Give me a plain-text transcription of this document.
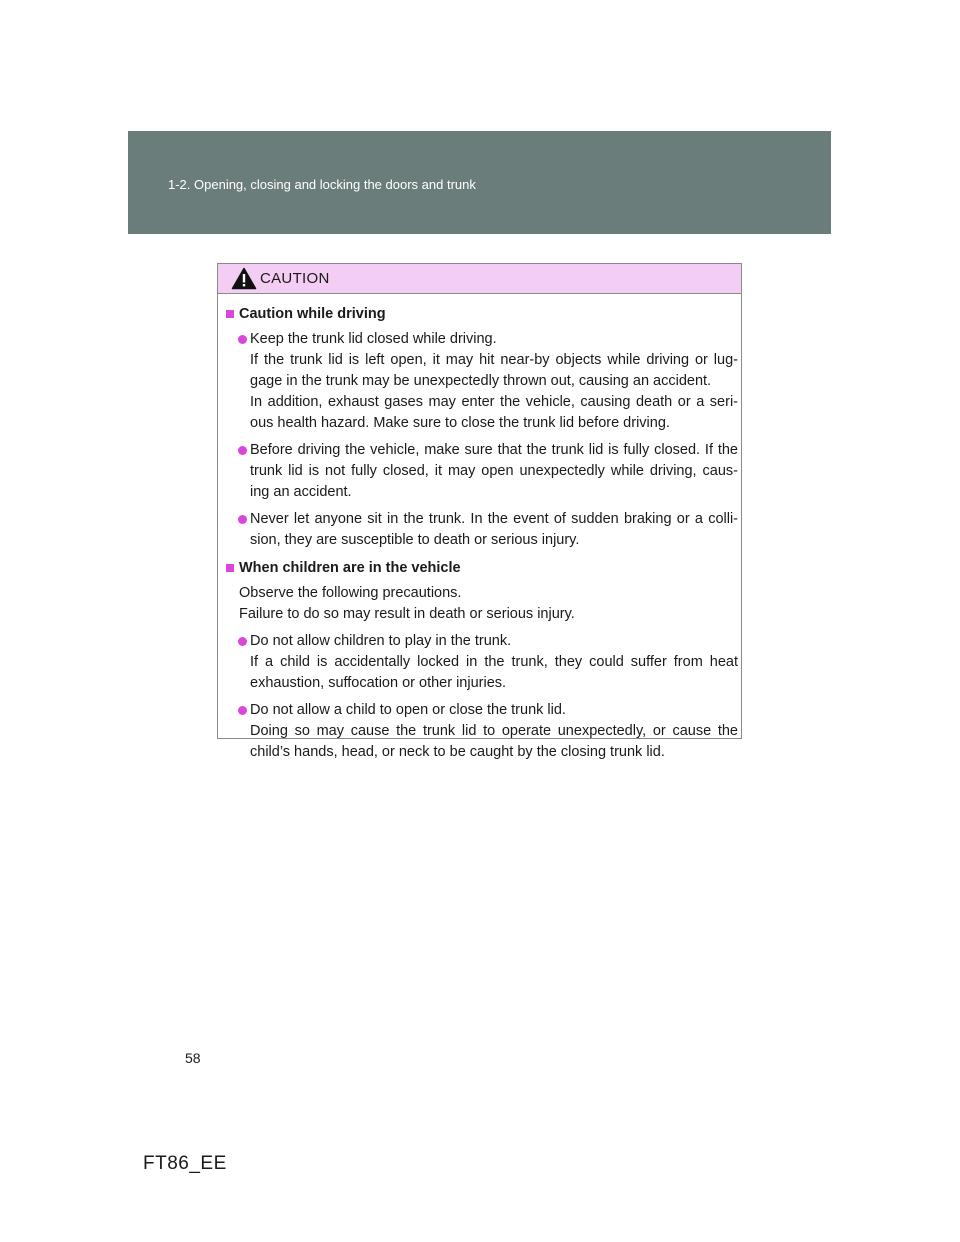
1-2. Opening, closing and locking the doors and trunk
CAUTION
Caution while driving
Keep the trunk lid closed while driving.
If the trunk lid is left open, it may hit near-by objects while driving or lug-
gage in the trunk may be unexpectedly thrown out, causing an accident.
In addition, exhaust gases may enter the vehicle, causing death or a seri-
ous health hazard. Make sure to close the trunk lid before driving.
Before driving the vehicle, make sure that the trunk lid is fully closed. If the
trunk lid is not fully closed, it may open unexpectedly while driving, caus-
ing an accident.
Never let anyone sit in the trunk. In the event of sudden braking or a colli-
sion, they are susceptible to death or serious injury.
When children are in the vehicle
Observe the following precautions.
Failure to do so may result in death or serious injury.
Do not allow children to play in the trunk.
If a child is accidentally locked in the trunk, they could suffer from heat
exhaustion, suffocation or other injuries.
Do not allow a child to open or close the trunk lid.
Doing so may cause the trunk lid to operate unexpectedly, or cause the
child’s hands, head, or neck to be caught by the closing trunk lid.
58
FT86_EE
